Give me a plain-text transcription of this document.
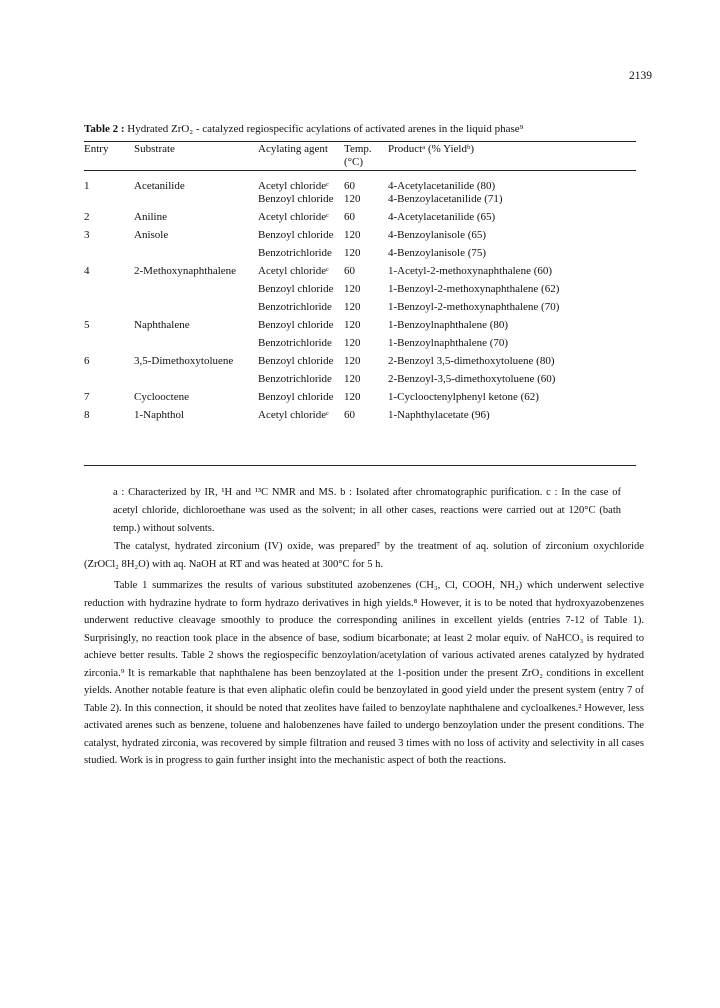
2139
Table 2 : Hydrated ZrO₂ - catalyzed regiospecific acylations of activated arenes in the liquid phase⁹
Entry	Substrate	Acylating agent	Temp. (°C)	Productᵃ (% Yieldᵇ)
1	Acetanilide	Acetyl chlorideᶜ	60	4-Acetylacetanilide (80)
		Benzoyl chloride	120	4-Benzoylacetanilide (71)
2	Aniline	Acetyl chlorideᶜ	60	4-Acetylacetanilide (65)
3	Anisole	Benzoyl chloride	120	4-Benzoylanisole (65)
		Benzotrichloride	120	4-Benzoylanisole (75)
4	2-Methoxynaphthalene	Acetyl chlorideᶜ	60	1-Acetyl-2-methoxynaphthalene (60)
		Benzoyl chloride	120	1-Benzoyl-2-methoxynaphthalene (62)
		Benzotrichloride	120	1-Benzoyl-2-methoxynaphthalene (70)
5	Naphthalene	Benzoyl chloride	120	1-Benzoylnaphthalene (80)
		Benzotrichloride	120	1-Benzoylnaphthalene (70)
6	3,5-Dimethoxytoluene	Benzoyl chloride	120	2-Benzoyl 3,5-dimethoxytoluene (80)
		Benzotrichloride	120	2-Benzoyl-3,5-dimethoxytoluene (60)
7	Cyclooctene	Benzoyl chloride	120	1-Cyclooctenylphenyl ketone (62)
8	1-Naphthol	Acetyl chlorideᶜ	60	1-Naphthylacetate (96)
a : Characterized by IR, ¹H and ¹³C NMR and MS. b : Isolated after chromatographic purification. c : In the case of acetyl chloride, dichloroethane was used as the solvent; in all other cases, reactions were carried out at 120°C (bath temp.) without solvents.

The catalyst, hydrated zirconium (IV) oxide, was prepared⁷ by the treatment of aq. solution of zirconium oxychloride (ZrOCl₂ 8H₂O) with aq. NaOH at RT and was heated at 300°C for 5 h.

Table 1 summarizes the results of various substituted azobenzenes (CH₃, Cl, COOH, NH₂) which underwent selective reduction with hydrazine hydrate to form hydrazo derivatives in high yields.⁸ However, it is to be noted that hydroxyazobenzenes underwent reductive cleavage smoothly to produce the corresponding anilines in excellent yields (entries 7-12 of Table 1). Surprisingly, no reaction took place in the absence of base, sodium bicarbonate; at least 2 molar equiv. of NaHCO₃ is required to achieve better results. Table 2 shows the regiospecific benzoylation/acetylation of various activated arenes catalyzed by hydrated zirconia.⁹ It is remarkable that naphthalene has been benzoylated at the 1-position under the present ZrO₂ conditions in excellent yields. Another notable feature is that even aliphatic olefin could be benzoylated in good yield under the present system (entry 7 of Table 2). In this connection, it should be noted that zeolites have failed to benzoylate naphthalene and cycloalkenes.² However, less activated arenes such as benzene, toluene and halobenzenes have failed to undergo benzoylation under the present conditions. The catalyst, hydrated zirconia, was recovered by simple filtration and reused 3 times with no loss of activity and selectivity in all cases studied. Work is in progress to gain further insight into the mechanistic aspect of both the reactions.
